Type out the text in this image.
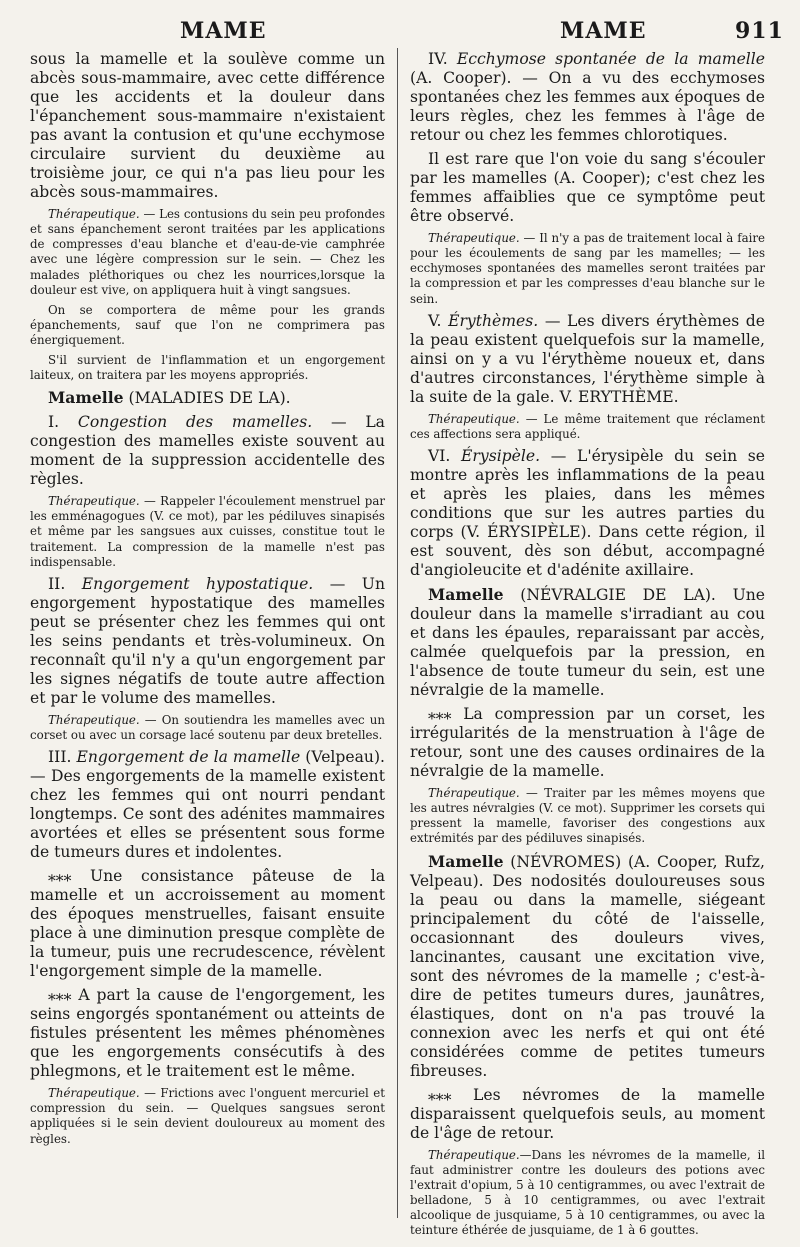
MAME	MAME	911

sous la mamelle et la soulève comme un abcès sous-mammaire, avec cette différence que les accidents et la douleur dans l'épanchement sous-mammaire n'existaient pas avant la contusion et qu'une ecchymose circulaire survient du deuxième au troisième jour, ce qui n'a pas lieu pour les abcès sous-mammaires.

Thérapeutique. — Les contusions du sein peu profondes et sans épanchement seront traitées par les applications de compresses d'eau blanche et d'eau-de-vie camphrée avec une légère compression sur le sein. — Chez les malades pléthoriques ou chez les nourrices,lorsque la douleur est vive, on appliquera huit à vingt sangsues.

On se comportera de même pour les grands épanchements, sauf que l'on ne comprimera pas énergiquement.

S'il survient de l'inflammation et un engorgement laiteux, on traitera par les moyens appropriés.

Mamelle (MALADIES DE LA).

I. Congestion des mamelles. — La congestion des mamelles existe souvent au moment de la suppression accidentelle des règles.

Thérapeutique. — Rappeler l'écoulement menstruel par les emménagogues (V. ce mot), par les pédiluves sinapisés et même par les sangsues aux cuisses, constitue tout le traitement. La compression de la mamelle n'est pas indispensable.

II. Engorgement hypostatique. — Un engorgement hypostatique des mamelles peut se présenter chez les femmes qui ont les seins pendants et très-volumineux. On reconnaît qu'il n'y a qu'un engorgement par les signes négatifs de toute autre affection et par le volume des mamelles.

Thérapeutique. — On soutiendra les mamelles avec un corset ou avec un corsage lacé soutenu par deux bretelles.

III. Engorgement de la mamelle (Velpeau). — Des engorgements de la mamelle existent chez les femmes qui ont nourri pendant longtemps. Ce sont des adénites mammaires avortées et elles se présentent sous forme de tumeurs dures et indolentes.

⁎⁎⁎ Une consistance pâteuse de la mamelle et un accroissement au moment des époques menstruelles, faisant ensuite place à une diminution presque complète de la tumeur, puis une recrudescence, révèlent l'engorgement simple de la mamelle.

⁎⁎⁎ A part la cause de l'engorgement, les seins engorgés spontanément ou atteints de fistules présentent les mêmes phénomènes que les engorgements consécutifs à des phlegmons, et le traitement est le même.

Thérapeutique. — Frictions avec l'onguent mercuriel et compression du sein. — Quelques sangsues seront appliquées si le sein devient douloureux au moment des règles.

IV. Ecchymose spontanée de la mamelle (A. Cooper). — On a vu des ecchymoses spontanées chez les femmes aux époques de leurs règles, chez les femmes à l'âge de retour ou chez les femmes chlorotiques.

Il est rare que l'on voie du sang s'écouler par les mamelles (A. Cooper); c'est chez les femmes affaiblies que ce symptôme peut être observé.

Thérapeutique. — Il n'y a pas de traitement local à faire pour les écoulements de sang par les mamelles; — les ecchymoses spontanées des mamelles seront traitées par la compression et par les compresses d'eau blanche sur le sein.

V. Érythèmes. — Les divers érythèmes de la peau existent quelquefois sur la mamelle, ainsi on y a vu l'érythème noueux et, dans d'autres circonstances, l'érythème simple à la suite de la gale. V. ERYTHÈME.

Thérapeutique. — Le même traitement que réclament ces affections sera appliqué.

VI. Érysipèle. — L'érysipèle du sein se montre après les inflammations de la peau et après les plaies, dans les mêmes conditions que sur les autres parties du corps (V. ÉRYSIPÈLE). Dans cette région, il est souvent, dès son début, accompagné d'angioleucite et d'adénite axillaire.

Mamelle (NÉVRALGIE DE LA). Une douleur dans la mamelle s'irradiant au cou et dans les épaules, reparaissant par accès, calmée quelquefois par la pression, en l'absence de toute tumeur du sein, est une névralgie de la mamelle.

⁎⁎⁎ La compression par un corset, les irrégularités de la menstruation à l'âge de retour, sont une des causes ordinaires de la névralgie de la mamelle.

Thérapeutique. — Traiter par les mêmes moyens que les autres névralgies (V. ce mot). Supprimer les corsets qui pressent la mamelle, favoriser des congestions aux extrémités par des pédiluves sinapisés.

Mamelle (NÉVROMES) (A. Cooper, Rufz, Velpeau). Des nodosités douloureuses sous la peau ou dans la mamelle, siégeant principalement du côté de l'aisselle, occasionnant des douleurs vives, lancinantes, causant une excitation vive, sont des névromes de la mamelle ; c'est-à-dire de petites tumeurs dures, jaunâtres, élastiques, dont on n'a pas trouvé la connexion avec les nerfs et qui ont été considérées comme de petites tumeurs fibreuses.

⁎⁎⁎ Les névromes de la mamelle disparaissent quelquefois seuls, au moment de l'âge de retour.

Thérapeutique.—Dans les névromes de la mamelle, il faut administrer contre les douleurs des potions avec l'extrait d'opium, 5 à 10 centigrammes, ou avec l'extrait de belladone, 5 à 10 centigrammes, ou avec l'extrait alcoolique de jusquiame, 5 à 10 centigrammes, ou avec la teinture éthérée de jusquiame, de 1 à 6 gouttes.
